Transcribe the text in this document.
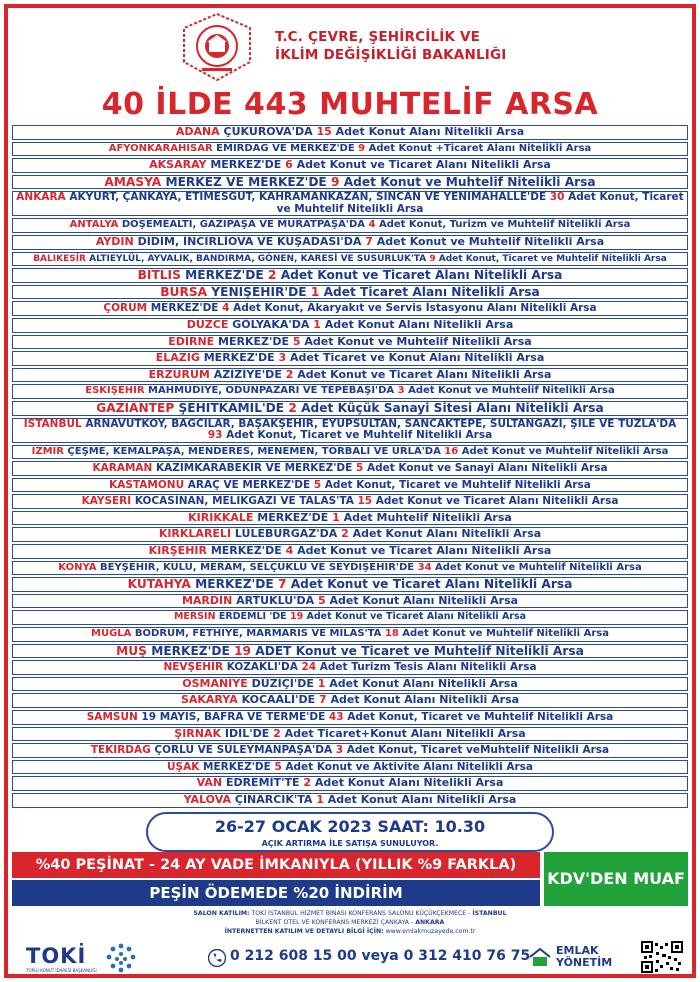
T.C. ÇEVRE, ŞEHİRCİLİK VE
İKLİM DEĞİŞİKLİĞİ BAKANLIĞI
40 İLDE 443 MUHTELİF ARSA
ADANA ÇUKUROVA'DA 15 Adet Konut Alanı Nitelikli Arsa
AFYONKARAHİSAR EMİRDAĞ VE MERKEZ'DE 9 Adet Konut +Ticaret Alanı Nitelikli Arsa
AKSARAY MERKEZ'DE 6 Adet Konut ve Ticaret Alanı Nitelikli Arsa
AMASYA MERKEZ VE MERKEZ'DE 9 Adet Konut ve Muhtelif Nitelikli Arsa
ANKARA AKYURT, ÇANKAYA, ETİMESGUT, KAHRAMANKAZAN, SİNCAN VE YENİMAHALLE'DE 30 Adet Konut, Ticaret ve Muhtelif Nitelikli Arsa
ANTALYA DÖŞEMEALTI, GAZİPAŞA VE MURATPAŞA'DA 4 Adet Konut, Turizm ve Muhtelif Nitelikli Arsa
AYDIN DİDİM, İNCİRLİOVA VE KUŞADASI'DA 7 Adet Konut ve Muhtelif Nitelikli Arsa
BALIKESİR ALTIEYLÜL, AYVALIK, BANDIRMA, GÖNEN, KARESİ VE SUSURLUK'TA 9 Adet Konut, Ticaret ve Muhtelif Nitelikli Arsa
BİTLİS MERKEZ'DE 2 Adet Konut ve Ticaret Alanı Nitelikli Arsa
BURSA YENİŞEHİR'DE 1 Adet Ticaret Alanı Nitelikli Arsa
ÇORUM MERKEZ'DE 4 Adet Konut, Akaryakıt ve Servis İstasyonu Alanı Nitelikli Arsa
DÜZCE GÖLYAKA'DA 1 Adet Konut Alanı Nitelikli Arsa
EDİRNE MERKEZ'DE 5 Adet Konut ve Muhtelif Nitelikli Arsa
ELAZIĞ MERKEZ'DE 3 Adet Ticaret ve Konut Alanı Nitelikli Arsa
ERZURUM AZİZİYE'DE 2 Adet Konut ve Ticaret Alanı Nitelikli Arsa
ESKİŞEHİR MAHMUDİYE, ODUNPAZARI VE TEPEBAŞI'DA 3 Adet Konut ve Muhtelif Nitelikli Arsa
GAZİANTEP ŞEHİTKAMİL'DE 2 Adet Küçük Sanayi Sitesi Alanı Nitelikli Arsa
İSTANBUL ARNAVUTKÖY, BAĞCILAR, BAŞAKŞEHİR, EYÜPSULTAN, SANCAKTEPE, SULTANGAZİ, ŞİLE VE TUZLA'DA 93 Adet Konut, Ticaret ve Muhtelif Nitelikli Arsa
İZMİR ÇEŞME, KEMALPAŞA, MENDERES, MENEMEN, TORBALI VE URLA'DA 16 Adet Konut ve Muhtelif Nitelikli Arsa
KARAMAN KAZIMKARABEKİR VE MERKEZ'DE 5 Adet Konut ve Sanayi Alanı Nitelikli Arsa
KASTAMONU ARAÇ VE MERKEZ'DE 5 Adet Konut, Ticaret ve Muhtelif Nitelikli Arsa
KAYSERİ KOCASİNAN, MELİKGAZİ VE TALAS'TA 15 Adet Konut ve Ticaret Alanı Nitelikli Arsa
KIRIKKALE MERKEZ'DE 1 Adet Muhtelif Nitelikli Arsa
KIRKLARELİ LÜLEBURGAZ'DA 2 Adet Konut Alanı Nitelikli Arsa
KIRŞEHİR MERKEZ'DE 4 Adet Konut ve Ticaret Alanı Nitelikli Arsa
KONYA BEYŞEHİR, KULU, MERAM, SELÇUKLU VE SEYDİŞEHİR'DE 34 Adet Konut ve Muhtelif Nitelikli Arsa
KÜTAHYA MERKEZ'DE 7 Adet Konut ve Ticaret Alanı Nitelikli Arsa
MARDİN ARTUKLU'DA 5 Adet Konut Alanı Nitelikli Arsa
MERSİN ERDEMLİ 'DE 19 Adet Konut ve Ticaret Alanı Nitelikli Arsa
MUĞLA BODRUM, FETHİYE, MARMARİS VE MİLAS'TA 18 Adet Konut ve Muhtelif Nitelikli Arsa
MUŞ MERKEZ'DE 19 ADET Konut ve Ticaret ve Muhtelif Nitelikli Arsa
NEVŞEHİR KOZAKLI'DA 24 Adet Turizm Tesis Alanı Nitelikli Arsa
OSMANİYE DÜZİÇİ'DE 1 Adet Konut Alanı Nitelikli Arsa
SAKARYA KOCAALİ'DE 7 Adet Konut Alanı Nitelikli Arsa
SAMSUN 19 MAYIS, BAFRA VE TERME'DE 43 Adet Konut, Ticaret ve Muhtelif Nitelikli Arsa
ŞIRNAK İDİL'DE 2 Adet Ticaret+Konut Alanı Nitelikli Arsa
TEKİRDAĞ ÇORLU VE SÜLEYMANPAŞA'DA 3 Adet Konut, Ticaret veMuhtelif Nitelikli Arsa
UŞAK MERKEZ'DE 5 Adet Konut ve Aktivite Alanı Nitelikli Arsa
VAN EDREMİT'TE 2 Adet Konut Alanı Nitelikli Arsa
YALOVA ÇINARCIK'TA 1 Adet Konut Alanı Nitelikli Arsa
26-27 OCAK 2023 SAAT: 10.30
AÇIK ARTIRMA İLE SATIŞA SUNULUYOR.
%40 PEŞİNAT - 24 AY VADE İMKANIYLA (YILLIK %9 FARKLA)
PEŞİN ÖDEMEDE %20 İNDİRİM
KDV'DEN MUAF
SALON KATILIM: TOKİ İSTANBUL HİZMET BİNASI KONFERANS SALONU KÜÇÜKÇEKMECE - İSTANBUL
BİLKENT OTEL VE KONFERANS MERKEZİ ÇANKAYA - ANKARA
İNTERNETTEN KATILIM VE DETAYLI BİLGİ İÇİN: www.emlakmuzayede.com.tr
TOKİ
TOPLU KONUT İDARESİ BAŞKANLIĞI
0 212 608 15 00 veya 0 312 410 76 75 EMLAK
YÖNETİM
